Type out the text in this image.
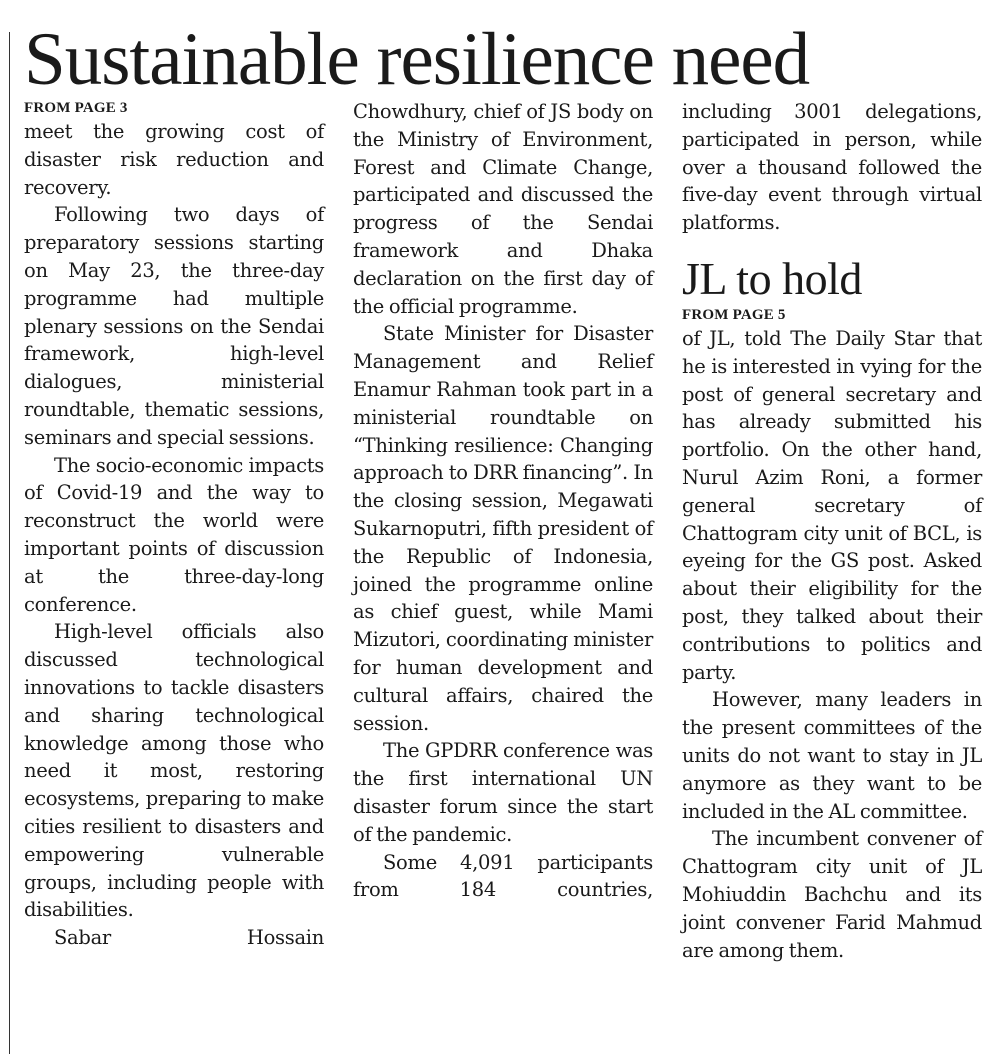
Sustainable resilience need

FROM PAGE 3

meet the growing cost of disaster risk reduction and recovery.

Following two days of preparatory sessions starting on May 23, the three-day programme had multiple plenary sessions on the Sendai framework, high-level dialogues, ministerial roundtable, thematic sessions, seminars and special sessions.

The socio-economic impacts of Covid-19 and the way to reconstruct the world were important points of discussion at the three-day-long conference.

High-level officials also discussed technological innovations to tackle disasters and sharing technological knowledge among those who need it most, restoring ecosystems, preparing to make cities resilient to disasters and empowering vulnerable groups, including people with disabilities.

Sabar Hossain

Chowdhury, chief of JS body on the Ministry of Environment, Forest and Climate Change, participated and discussed the progress of the Sendai framework and Dhaka declaration on the first day of the official programme.

State Minister for Disaster Management and Relief Enamur Rahman took part in a ministerial roundtable on “Thinking resilience: Changing approach to DRR financing”. In the closing session, Megawati Sukarnoputri, fifth president of the Republic of Indonesia, joined the programme online as chief guest, while Mami Mizutori, coordinating minister for human development and cultural affairs, chaired the session.

The GPDRR conference was the first international UN disaster forum since the start of the pandemic.

Some 4,091 participants from 184 countries,

including 3001 delegations, participated in person, while over a thousand followed the five-day event through virtual platforms.

JL to hold

FROM PAGE 5

of JL, told The Daily Star that he is interested in vying for the post of general secretary and has already submitted his portfolio. On the other hand, Nurul Azim Roni, a former general secretary of Chattogram city unit of BCL, is eyeing for the GS post. Asked about their eligibility for the post, they talked about their contributions to politics and party.

However, many leaders in the present committees of the units do not want to stay in JL anymore as they want to be included in the AL committee.

The incumbent convener of Chattogram city unit of JL Mohiuddin Bachchu and its joint convener Farid Mahmud are among them.
